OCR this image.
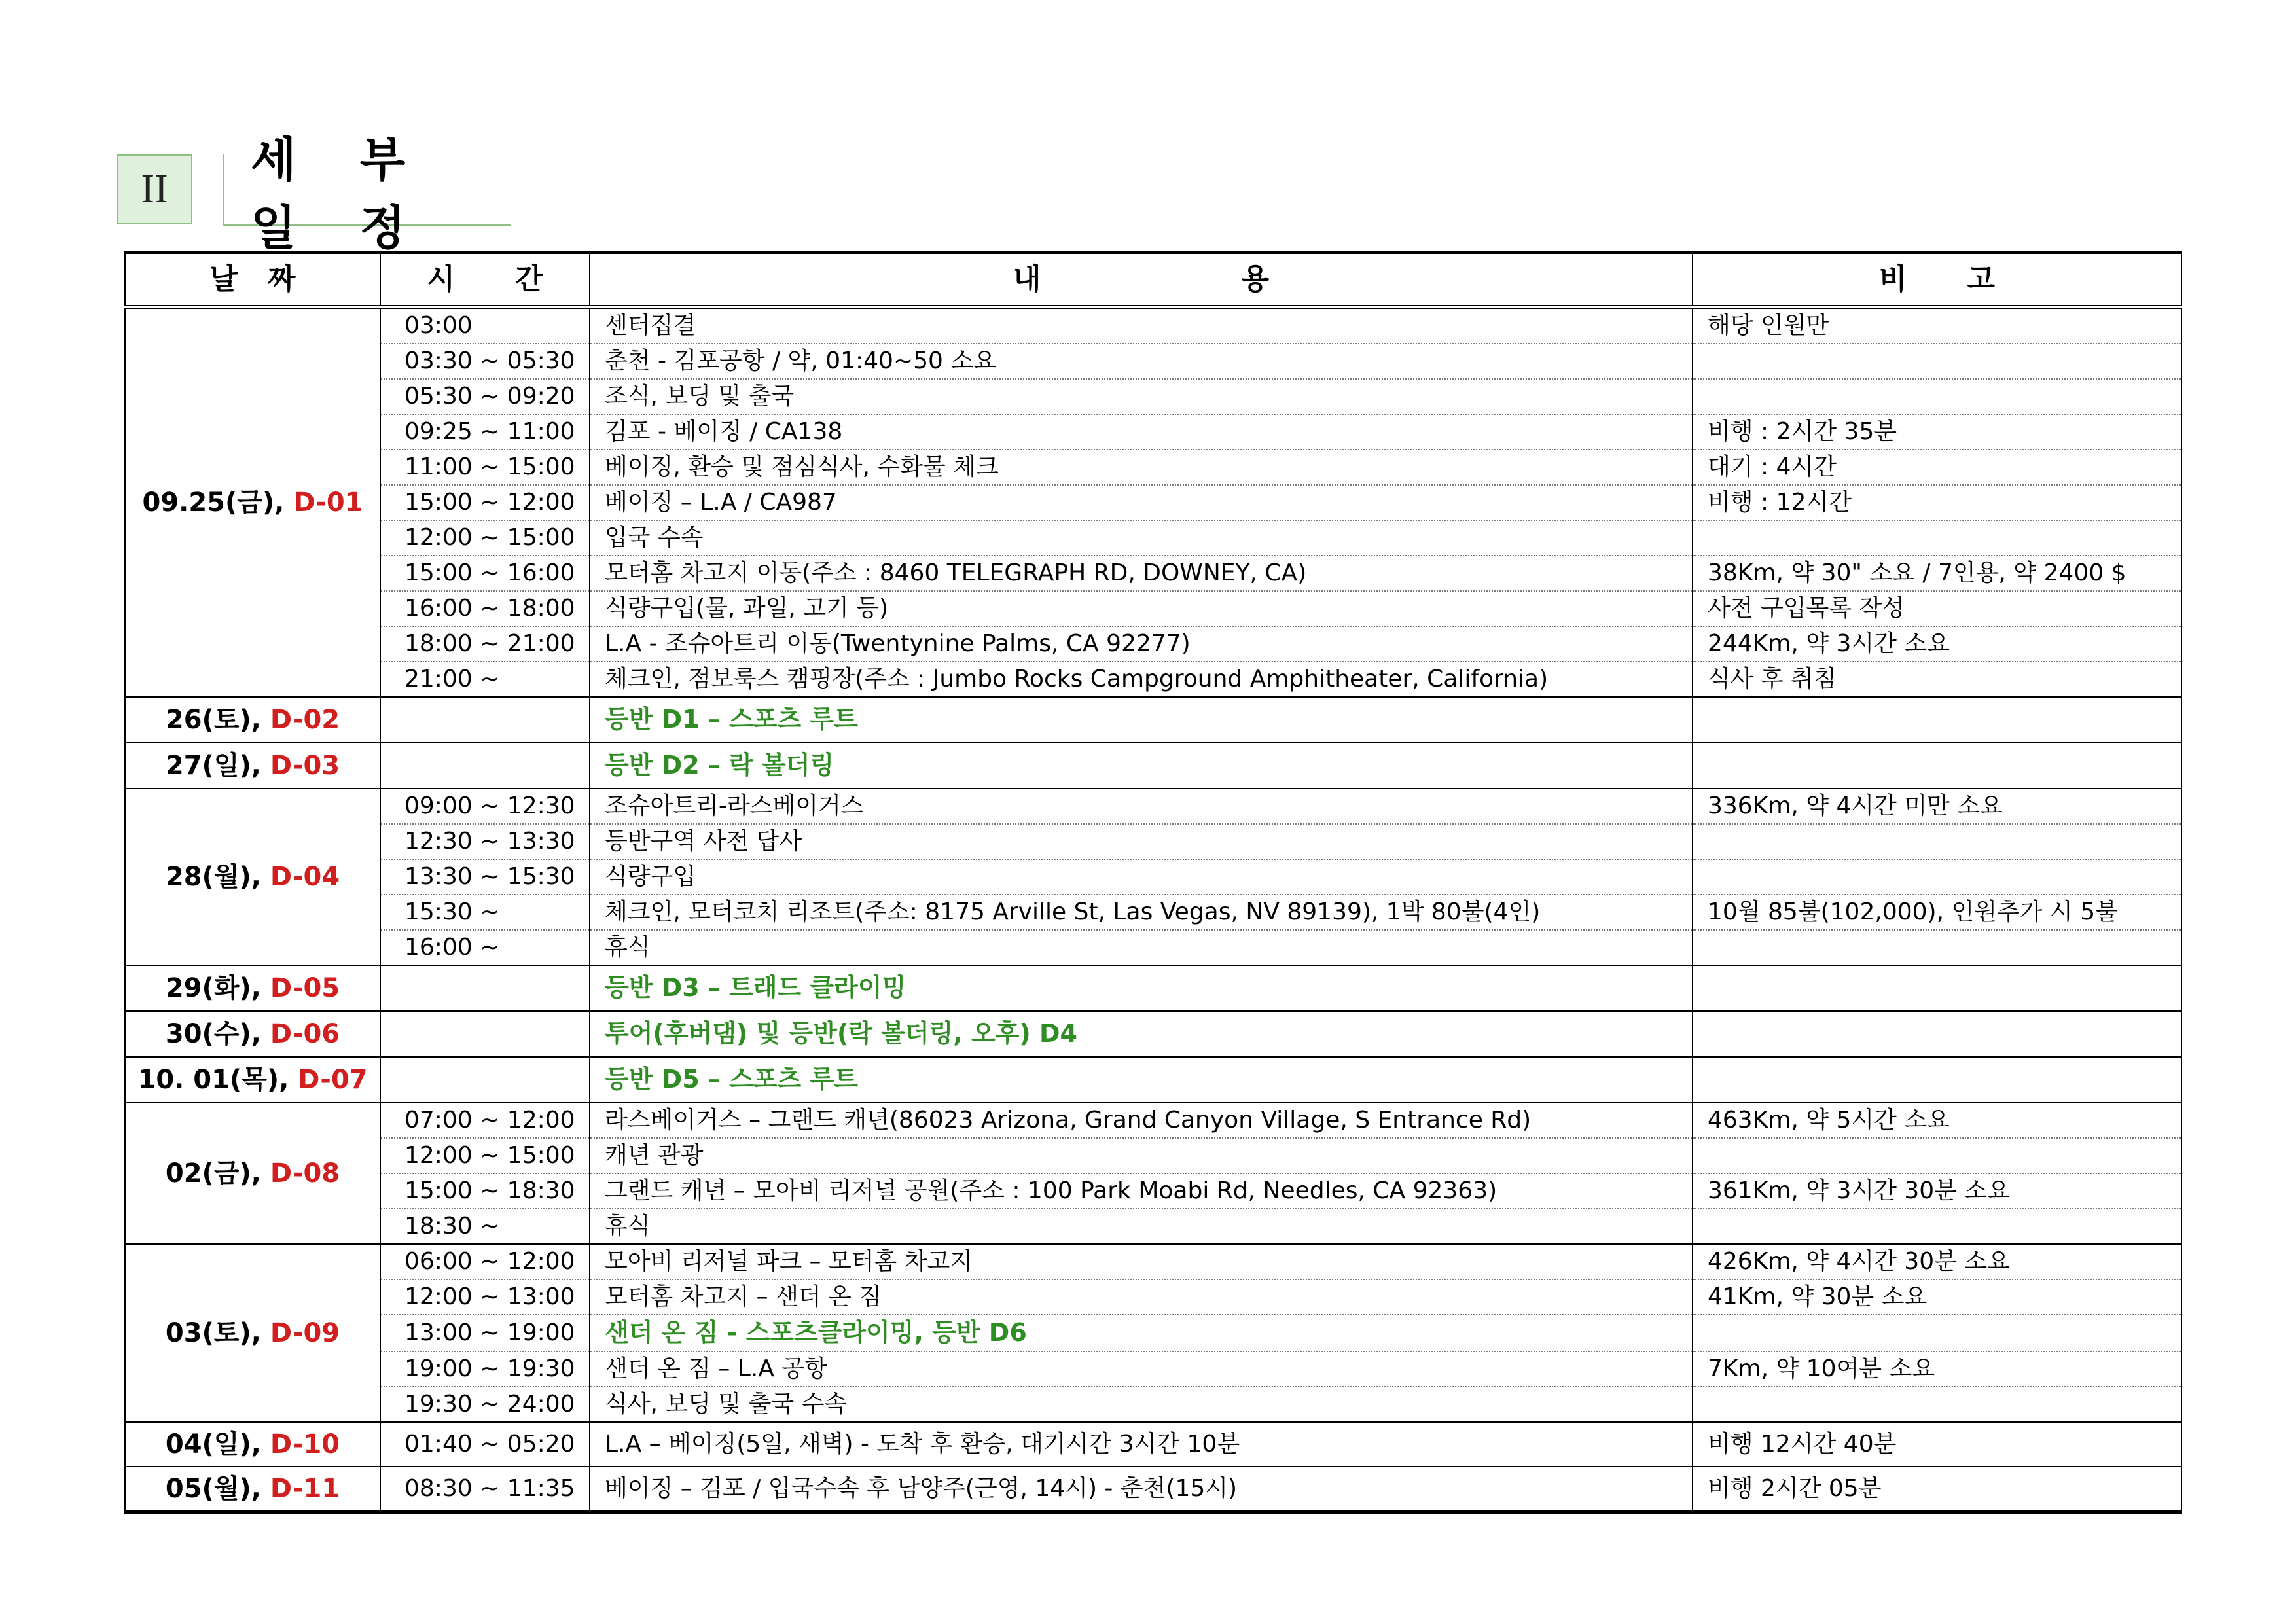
II
세 부 일 정
날   짜	시      간	내                    용	비      고
09.25(금), D-01	03:00	센터집결	해당 인원만
	03:30 ~ 05:30	춘천 - 김포공항 / 약, 01:40~50 소요	
	05:30 ~ 09:20	조식, 보딩 및 출국	
	09:25 ~ 11:00	김포 - 베이징 / CA138	비행 : 2시간 35분
	11:00 ~ 15:00	베이징, 환승 및 점심식사, 수화물 체크	대기 : 4시간
	15:00 ~ 12:00	베이징 – L.A / CA987	비행 : 12시간
	12:00 ~ 15:00	입국 수속	
	15:00 ~ 16:00	모터홈 차고지 이동(주소 : 8460 TELEGRAPH RD, DOWNEY, CA)	38Km, 약 30" 소요 / 7인용, 약 2400 $
	16:00 ~ 18:00	식량구입(물, 과일, 고기 등)	사전 구입목록 작성
	18:00 ~ 21:00	L.A - 조슈아트리 이동(Twentynine Palms, CA 92277)	244Km, 약 3시간 소요
	21:00 ~	체크인, 점보룩스 캠핑장(주소 : Jumbo Rocks Campground Amphitheater, California)	식사 후 취침
26(토), D-02		등반 D1 – 스포츠 루트	
27(일), D-03		등반 D2 – 락 볼더링	
28(월), D-04	09:00 ~ 12:30	조슈아트리-라스베이거스	336Km, 약 4시간 미만 소요
	12:30 ~ 13:30	등반구역 사전 답사	
	13:30 ~ 15:30	식량구입	
	15:30 ~	체크인, 모터코치 리조트(주소: 8175 Arville St, Las Vegas, NV 89139), 1박 80불(4인)	10월 85불(102,000), 인원추가 시 5불
	16:00 ~	휴식	
29(화), D-05		등반 D3 – 트래드 클라이밍	
30(수), D-06		투어(후버댐) 및 등반(락 볼더링, 오후) D4	
10. 01(목), D-07		등반 D5 – 스포츠 루트	
02(금), D-08	07:00 ~ 12:00	라스베이거스 – 그랜드 캐년(86023 Arizona, Grand Canyon Village, S Entrance Rd)	463Km, 약 5시간 소요
	12:00 ~ 15:00	캐년 관광	
	15:00 ~ 18:30	그랜드 캐년 – 모아비 리저널 공원(주소 : 100 Park Moabi Rd, Needles, CA 92363)	361Km, 약 3시간 30분 소요
	18:30 ~	휴식	
03(토), D-09	06:00 ~ 12:00	모아비 리저널 파크 – 모터홈 차고지	426Km, 약 4시간 30분 소요
	12:00 ~ 13:00	모터홈 차고지 – 샌더 온 짐	41Km, 약 30분 소요
	13:00 ~ 19:00	샌더 온 짐 - 스포츠클라이밍, 등반 D6	
	19:00 ~ 19:30	샌더 온 짐 – L.A 공항	7Km, 약 10여분 소요
	19:30 ~ 24:00	식사, 보딩 및 출국 수속	
04(일), D-10	01:40 ~ 05:20	L.A – 베이징(5일, 새벽) - 도착 후 환승, 대기시간 3시간 10분	비행 12시간 40분
05(월), D-11	08:30 ~ 11:35	베이징 – 김포 / 입국수속 후 남양주(근영, 14시) - 춘천(15시)	비행 2시간 05분
